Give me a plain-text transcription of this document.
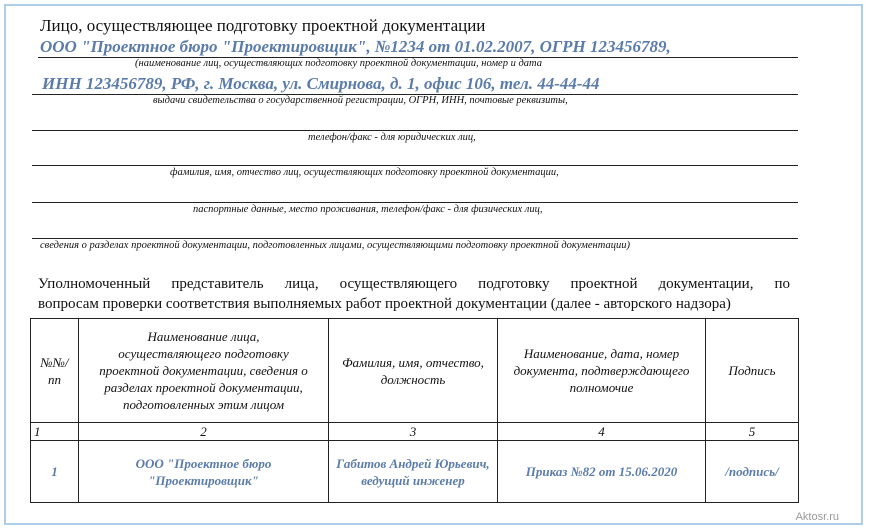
Лицо, осуществляющее подготовку проектной документации
ООО "Проектное бюро "Проектировщик", №1234 от 01.02.2007, ОГРН 123456789,
(наименование лиц, осуществляющих подготовку проектной документации, номер и дата
ИНН 123456789, РФ, г. Москва, ул. Смирнова, д. 1, офис 106, тел. 44-44-44
выдачи свидетельства о государственной регистрации, ОГРН, ИНН, почтовые реквизиты,
телефон/факс - для юридических лиц,
фамилия, имя, отчество лиц, осуществляющих подготовку проектной документации,
паспортные данные, место проживания, телефон/факс - для физических лиц,
сведения о разделах проектной документации, подготовленных лицами, осуществляющими подготовку проектной документации)
Уполномоченный представитель лица, осуществляющего подготовку проектной документации, по
вопросам проверки соответствия выполняемых работ проектной документации (далее - авторского надзора)
№№/ пп	Наименование лица, осуществляющего подготовку проектной документации, сведения о разделах проектной документации, подготовленных этим лицом	Фамилия, имя, отчество, должность	Наименование, дата, номер документа, подтверждающего полномочие	Подпись
1	2	3	4	5
1	ООО "Проектное бюро "Проектировщик"	Габитов Андрей Юрьевич, ведущий инженер	Приказ №82 от 15.06.2020	/подпись/
Aktosr.ru
